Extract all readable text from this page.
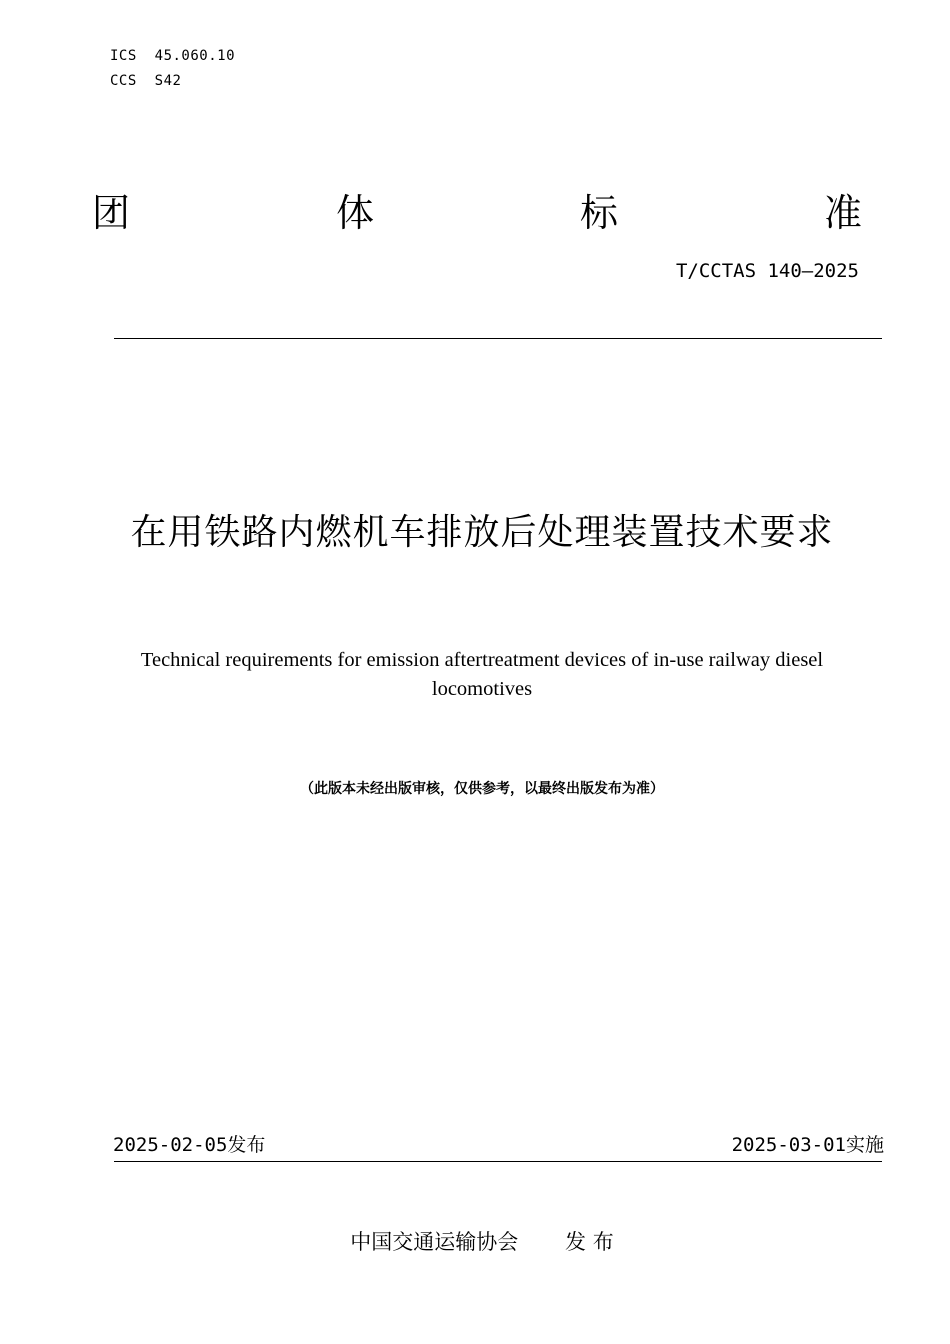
ICS  45.060.10
CCS  S42
团	体	标	准
T/CCTAS 140—2025
在用铁路内燃机车排放后处理装置技术要求
Technical requirements for emission aftertreatment devices of in-use railway diesel locomotives
（此版本未经出版审核，仅供参考，以最终出版发布为准）
2025-02-05发布	2025-03-01实施
中国交通运输协会 发 布
